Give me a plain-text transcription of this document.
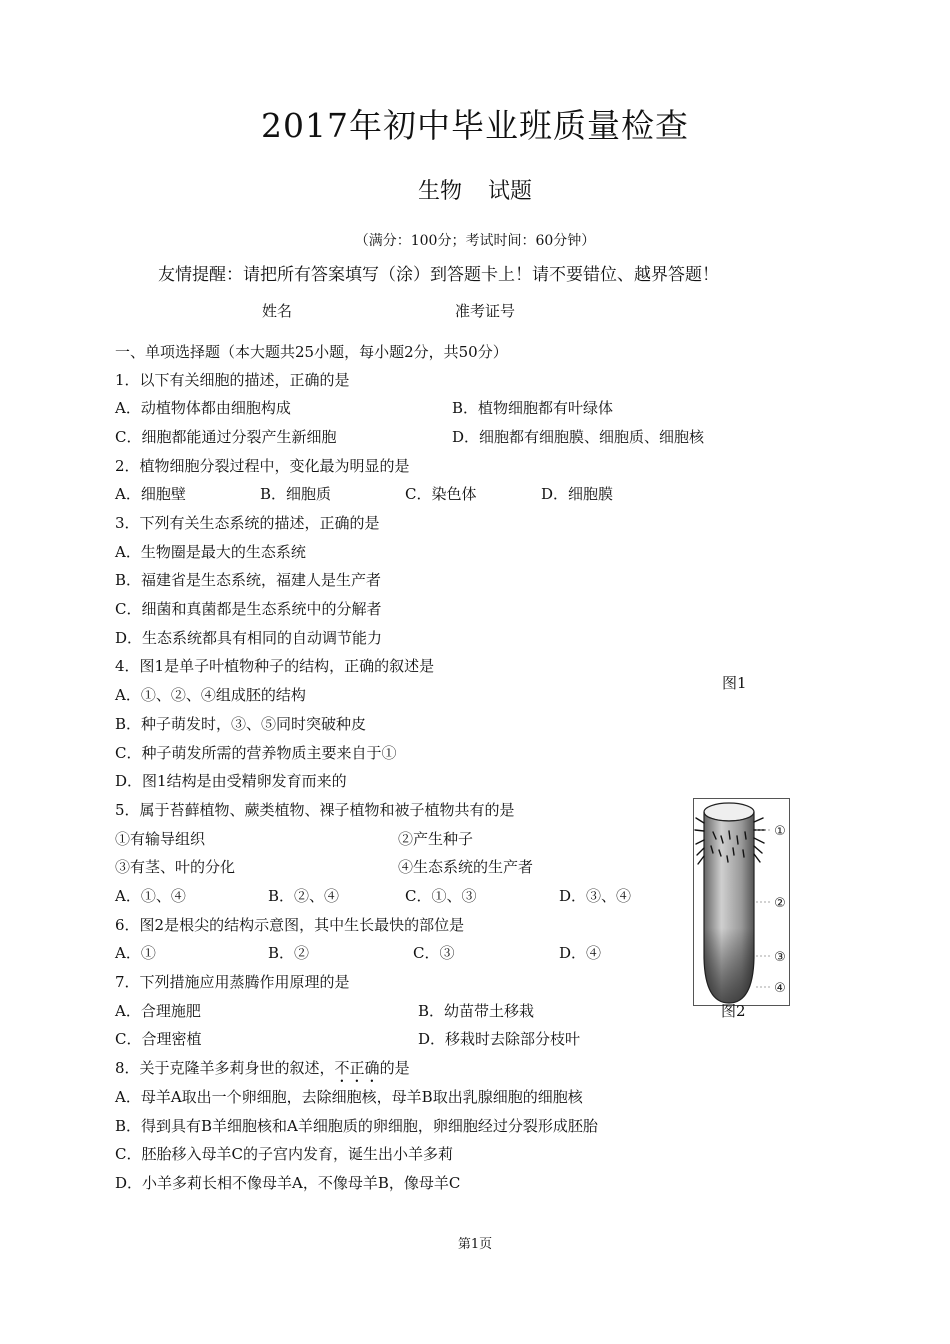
2017年初中毕业班质量检查
生物 试题
（满分：100分；考试时间：60分钟）
友情提醒：请把所有答案填写（涂）到答题卡上！请不要错位、越界答题！
姓名	准考证号
一、单项选择题（本大题共25小题，每小题2分，共50分）
1．以下有关细胞的描述，正确的是
A．动植物体都由细胞构成	B．植物细胞都有叶绿体
C．细胞都能通过分裂产生新细胞	D．细胞都有细胞膜、细胞质、细胞核
2．植物细胞分裂过程中，变化最为明显的是
A．细胞壁	B．细胞质	C．染色体	D．细胞膜
3．下列有关生态系统的描述，正确的是
A．生物圈是最大的生态系统
B．福建省是生态系统，福建人是生产者
C．细菌和真菌都是生态系统中的分解者
D．生态系统都具有相同的自动调节能力
4．图1是单子叶植物种子的结构，正确的叙述是
A．①、②、④组成胚的结构
B．种子萌发时，③、⑤同时突破种皮
C．种子萌发所需的营养物质主要来自于①
D．图1结构是由受精卵发育而来的
图1
5．属于苔藓植物、蕨类植物、裸子植物和被子植物共有的是
①有输导组织	②产生种子
③有茎、叶的分化	④生态系统的生产者
A．①、④	B．②、④	C．①、③	D．③、④
6．图2是根尖的结构示意图，其中生长最快的部位是
A．①	B．②	C．③	D．④
7．下列措施应用蒸腾作用原理的是
A．合理施肥	B．幼苗带土移栽
C．合理密植	D．移栽时去除部分枝叶
①
②
③
④
图2
8．关于克隆羊多莉身世的叙述，不正确的是
A．母羊A取出一个卵细胞，去除细胞核，母羊B取出乳腺细胞的细胞核
B．得到具有B羊细胞核和A羊细胞质的卵细胞，卵细胞经过分裂形成胚胎
C．胚胎移入母羊C的子宫内发育，诞生出小羊多莉
D．小羊多莉长相不像母羊A，不像母羊B，像母羊C
第1页
